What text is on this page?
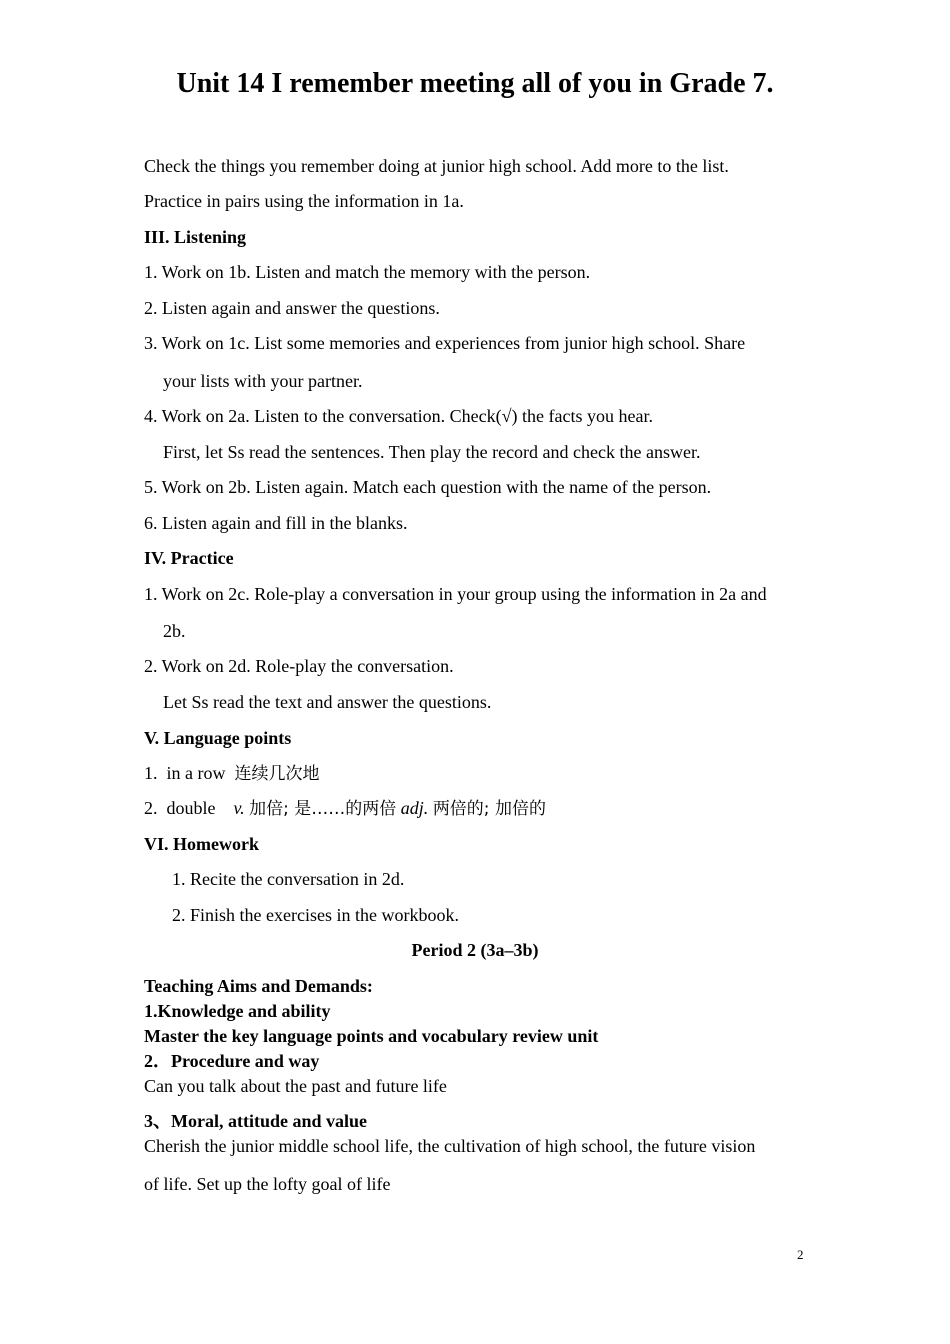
Unit 14 I remember meeting all of you in Grade 7.
Check the things you remember doing at junior high school. Add more to the list.
Practice in pairs using the information in 1a.
III. Listening
1. Work on 1b. Listen and match the memory with the person.
2. Listen again and answer the questions.
3. Work on 1c. List some memories and experiences from junior high school. Share
your lists with your partner.
4. Work on 2a. Listen to the conversation. Check(√) the facts you hear.
First, let Ss read the sentences. Then play the record and check the answer.
5. Work on 2b. Listen again. Match each question with the name of the person.
6. Listen again and fill in the blanks.
IV. Practice
1. Work on 2c. Role-play a conversation in your group using the information in 2a and
2b.
2. Work on 2d. Role-play the conversation.
Let Ss read the text and answer the questions.
V. Language points
1. in a row 连续几次地
2. double v. 加倍; 是……的两倍 adj. 两倍的; 加倍的
VI. Homework
1. Recite the conversation in 2d.
2. Finish the exercises in the workbook.
Period 2 (3a–3b)
Teaching Aims and Demands:
1.Knowledge and ability
Master the key language points and vocabulary review unit
2．Procedure and way
Can you talk about the past and future life
3、Moral, attitude and value
Cherish the junior middle school life, the cultivation of high school, the future vision
of life. Set up the lofty goal of life
2
